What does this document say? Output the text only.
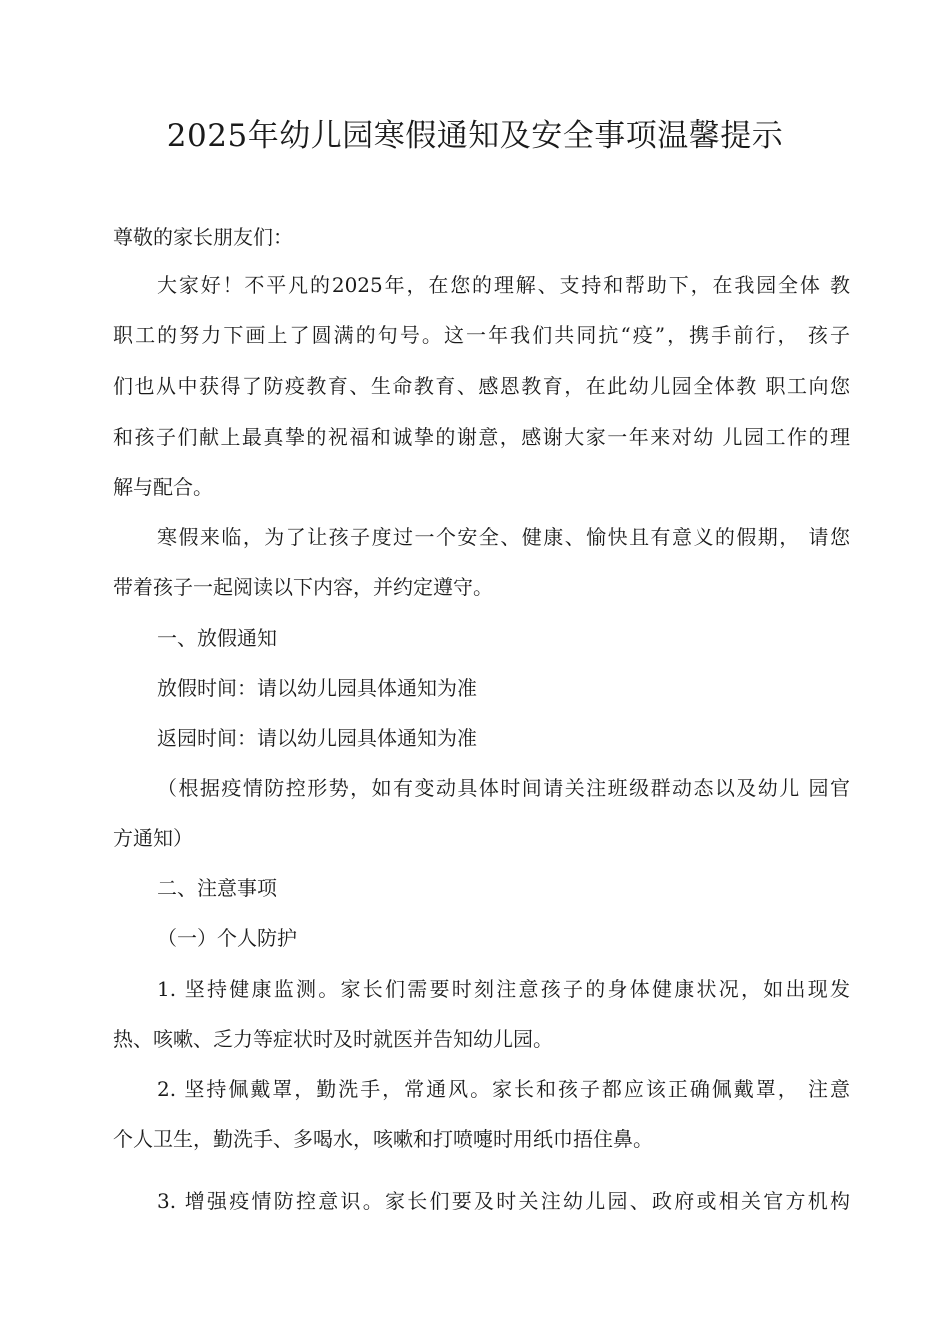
2025年幼儿园寒假通知及安全事项温馨提示
尊敬的家长朋友们：
大家好！不平凡的2025年，在您的理解、支持和帮助下，在我园全体 教
职工的努力下画上了圆满的句号。这一年我们共同抗“疫”，携手前行， 孩子
们也从中获得了防疫教育、生命教育、感恩教育，在此幼儿园全体教 职工向您
和孩子们献上最真挚的祝福和诚挚的谢意，感谢大家一年来对幼 儿园工作的理
解与配合。
寒假来临，为了让孩子度过一个安全、健康、愉快且有意义的假期， 请您
带着孩子一起阅读以下内容，并约定遵守。
一、放假通知
放假时间：请以幼儿园具体通知为准
返园时间：请以幼儿园具体通知为准
（根据疫情防控形势，如有变动具体时间请关注班级群动态以及幼儿 园官
方通知）
二、注意事项
（一）个人防护
1. 坚持健康监测。家长们需要时刻注意孩子的身体健康状况，如出现发
热、咳嗽、乏力等症状时及时就医并告知幼儿园。
2. 坚持佩戴罩，勤洗手，常通风。家长和孩子都应该正确佩戴罩， 注意
个人卫生，勤洗手、多喝水，咳嗽和打喷嚏时用纸巾捂住鼻。
3. 增强疫情防控意识。家长们要及时关注幼儿园、政府或相关官方机构
